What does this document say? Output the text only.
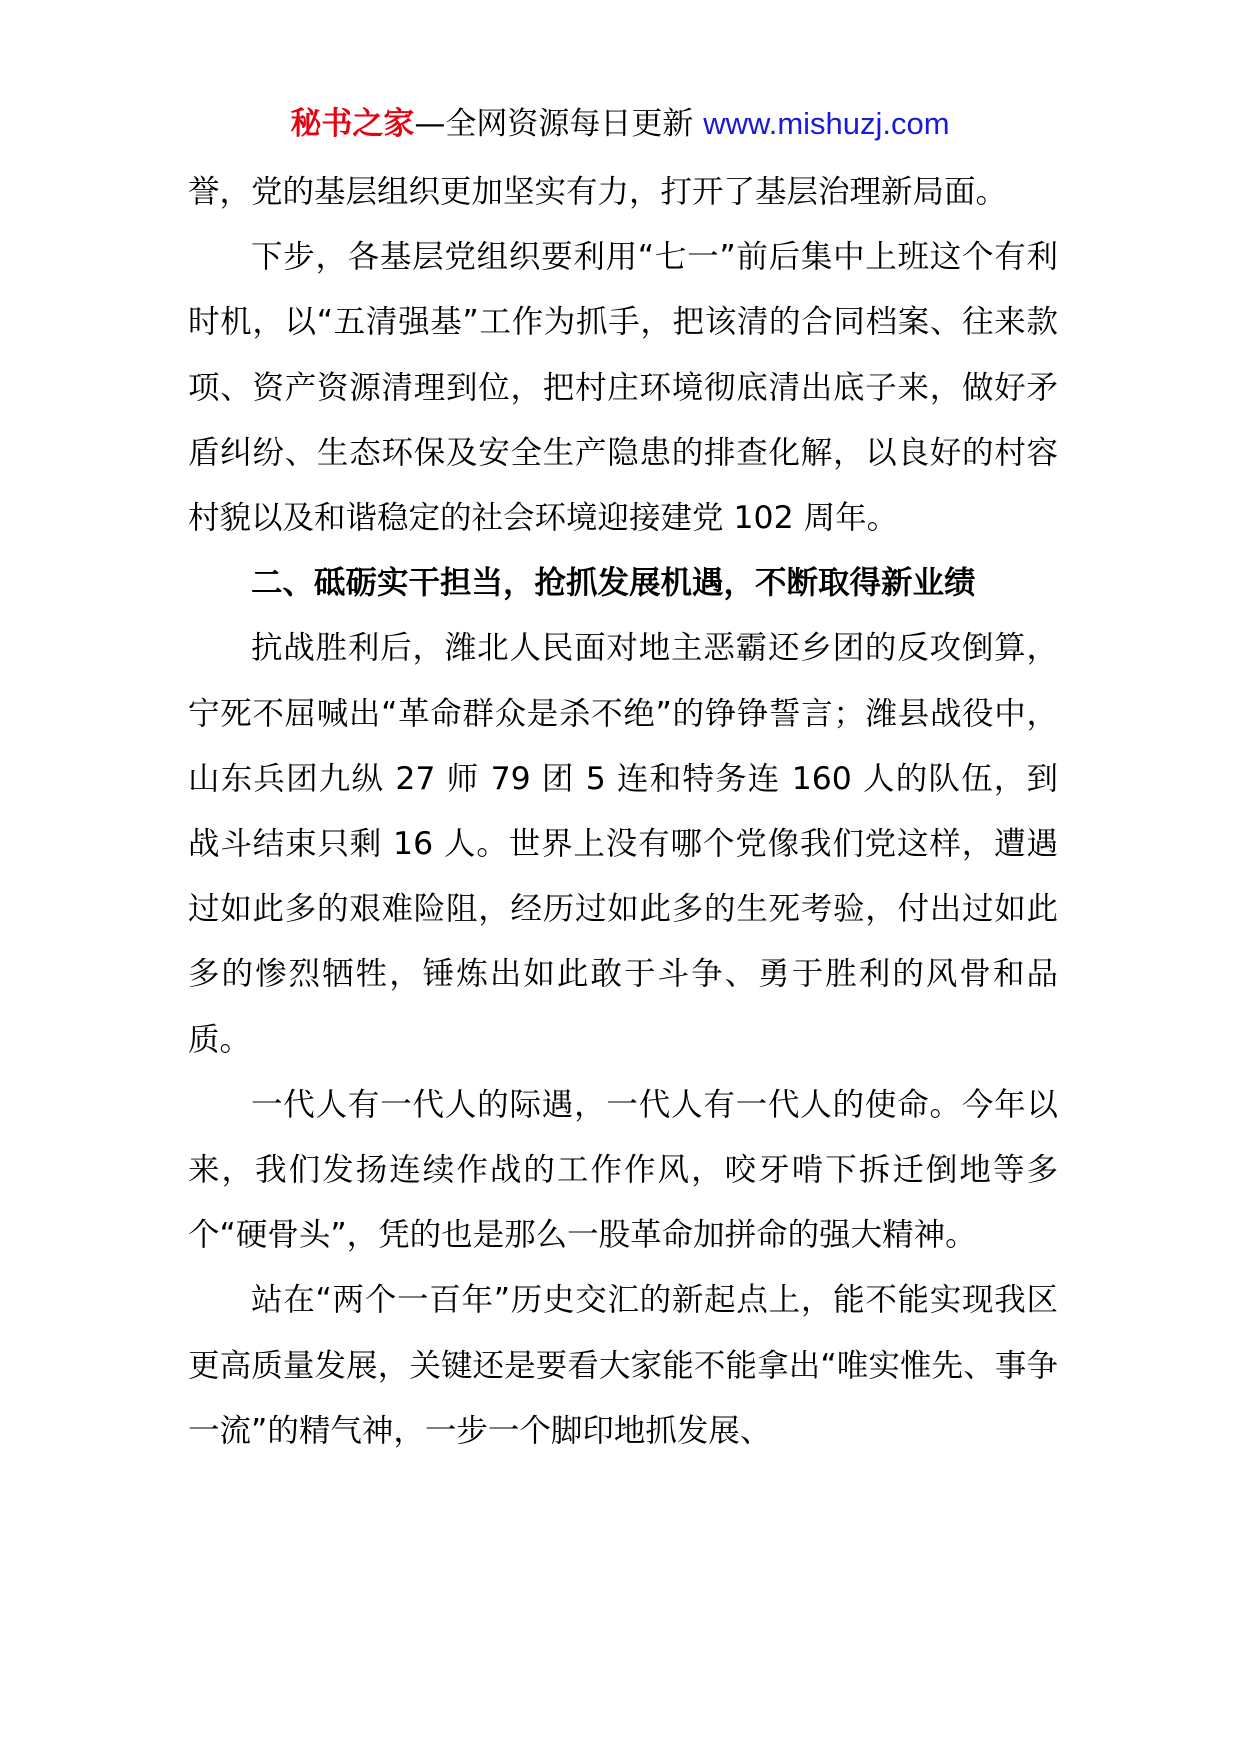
秘书之家—全网资源每日更新 www.mishuzj.com

誉，党的基层组织更加坚实有力，打开了基层治理新局面。

下步，各基层党组织要利用“七一”前后集中上班这个有利时机，以“五清强基”工作为抓手，把该清的合同档案、往来款项、资产资源清理到位，把村庄环境彻底清出底子来，做好矛盾纠纷、生态环保及安全生产隐患的排查化解，以良好的村容村貌以及和谐稳定的社会环境迎接建党 102 周年。

二、砥砺实干担当，抢抓发展机遇，不断取得新业绩

抗战胜利后，潍北人民面对地主恶霸还乡团的反攻倒算，宁死不屈喊出“革命群众是杀不绝”的铮铮誓言；潍县战役中，山东兵团九纵 27 师 79 团 5 连和特务连 160 人的队伍，到战斗结束只剩 16 人。世界上没有哪个党像我们党这样，遭遇过如此多的艰难险阻，经历过如此多的生死考验，付出过如此多的惨烈牺牲，锤炼出如此敢于斗争、勇于胜利的风骨和品质。

一代人有一代人的际遇，一代人有一代人的使命。今年以来，我们发扬连续作战的工作作风，咬牙啃下拆迁倒地等多个“硬骨头”，凭的也是那么一股革命加拼命的强大精神。

站在“两个一百年”历史交汇的新起点上，能不能实现我区更高质量发展，关键还是要看大家能不能拿出“唯实惟先、事争一流”的精气神，一步一个脚印地抓发展、
